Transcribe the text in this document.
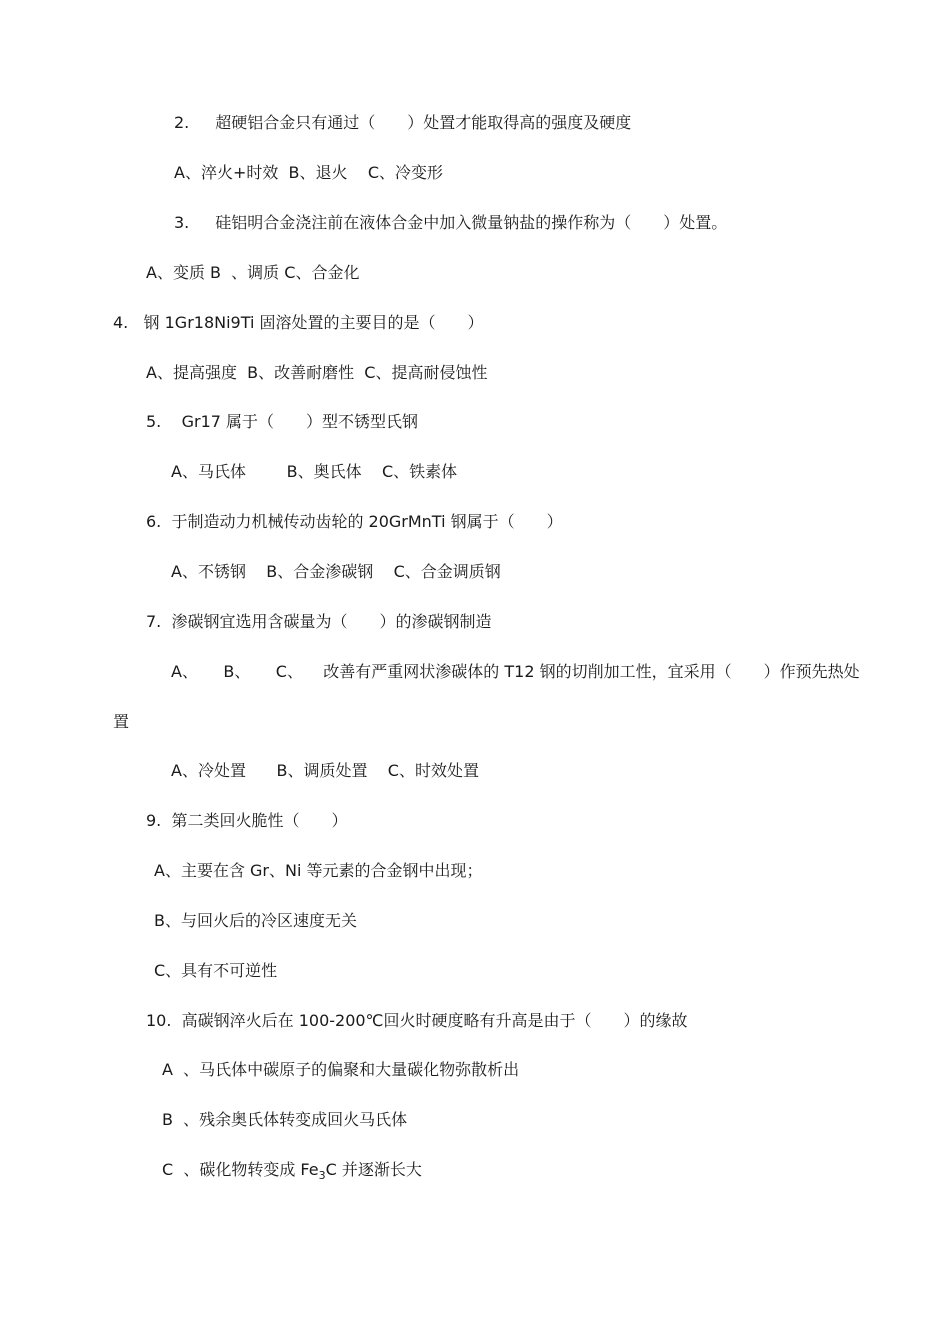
2. 超硬铝合金只有通过（　　）处置才能取得高的强度及硬度
A、淬火+时效  B、退火    C、冷变形
3. 硅铝明合金浇注前在液体合金中加入微量钠盐的操作称为（　　）处置。
A、变质 B  、调质 C、合金化
4.   钢 1Gr18Ni9Ti 固溶处置的主要目的是（　　）
A、提高强度  B、改善耐磨性  C、提高耐侵蚀性
5.    Gr17 属于（　　）型不锈型氏钢
A、马氏体        B、奥氏体    C、铁素体
6.  于制造动力机械传动齿轮的 20GrMnTi 钢属于（　　）
A、不锈钢    B、合金渗碳钢    C、合金调质钢
7.  渗碳钢宜选用含碳量为（　　）的渗碳钢制造
A、     B、     C、    改善有严重网状渗碳体的 T12 钢的切削加工性，宜采用（　　）作预先热处
置
A、冷处置      B、调质处置    C、时效处置
9.  第二类回火脆性（　　）
A、主要在含 Gr、Ni 等元素的合金钢中出现；
B、与回火后的冷区速度无关
C、具有不可逆性
10.  高碳钢淬火后在 100-200℃回火时硬度略有升高是由于（　　）的缘故
A  、马氏体中碳原子的偏聚和大量碳化物弥散析出
B  、残余奥氏体转变成回火马氏体
C  、碳化物转变成 $Fe_3C$ 并逐渐长大
